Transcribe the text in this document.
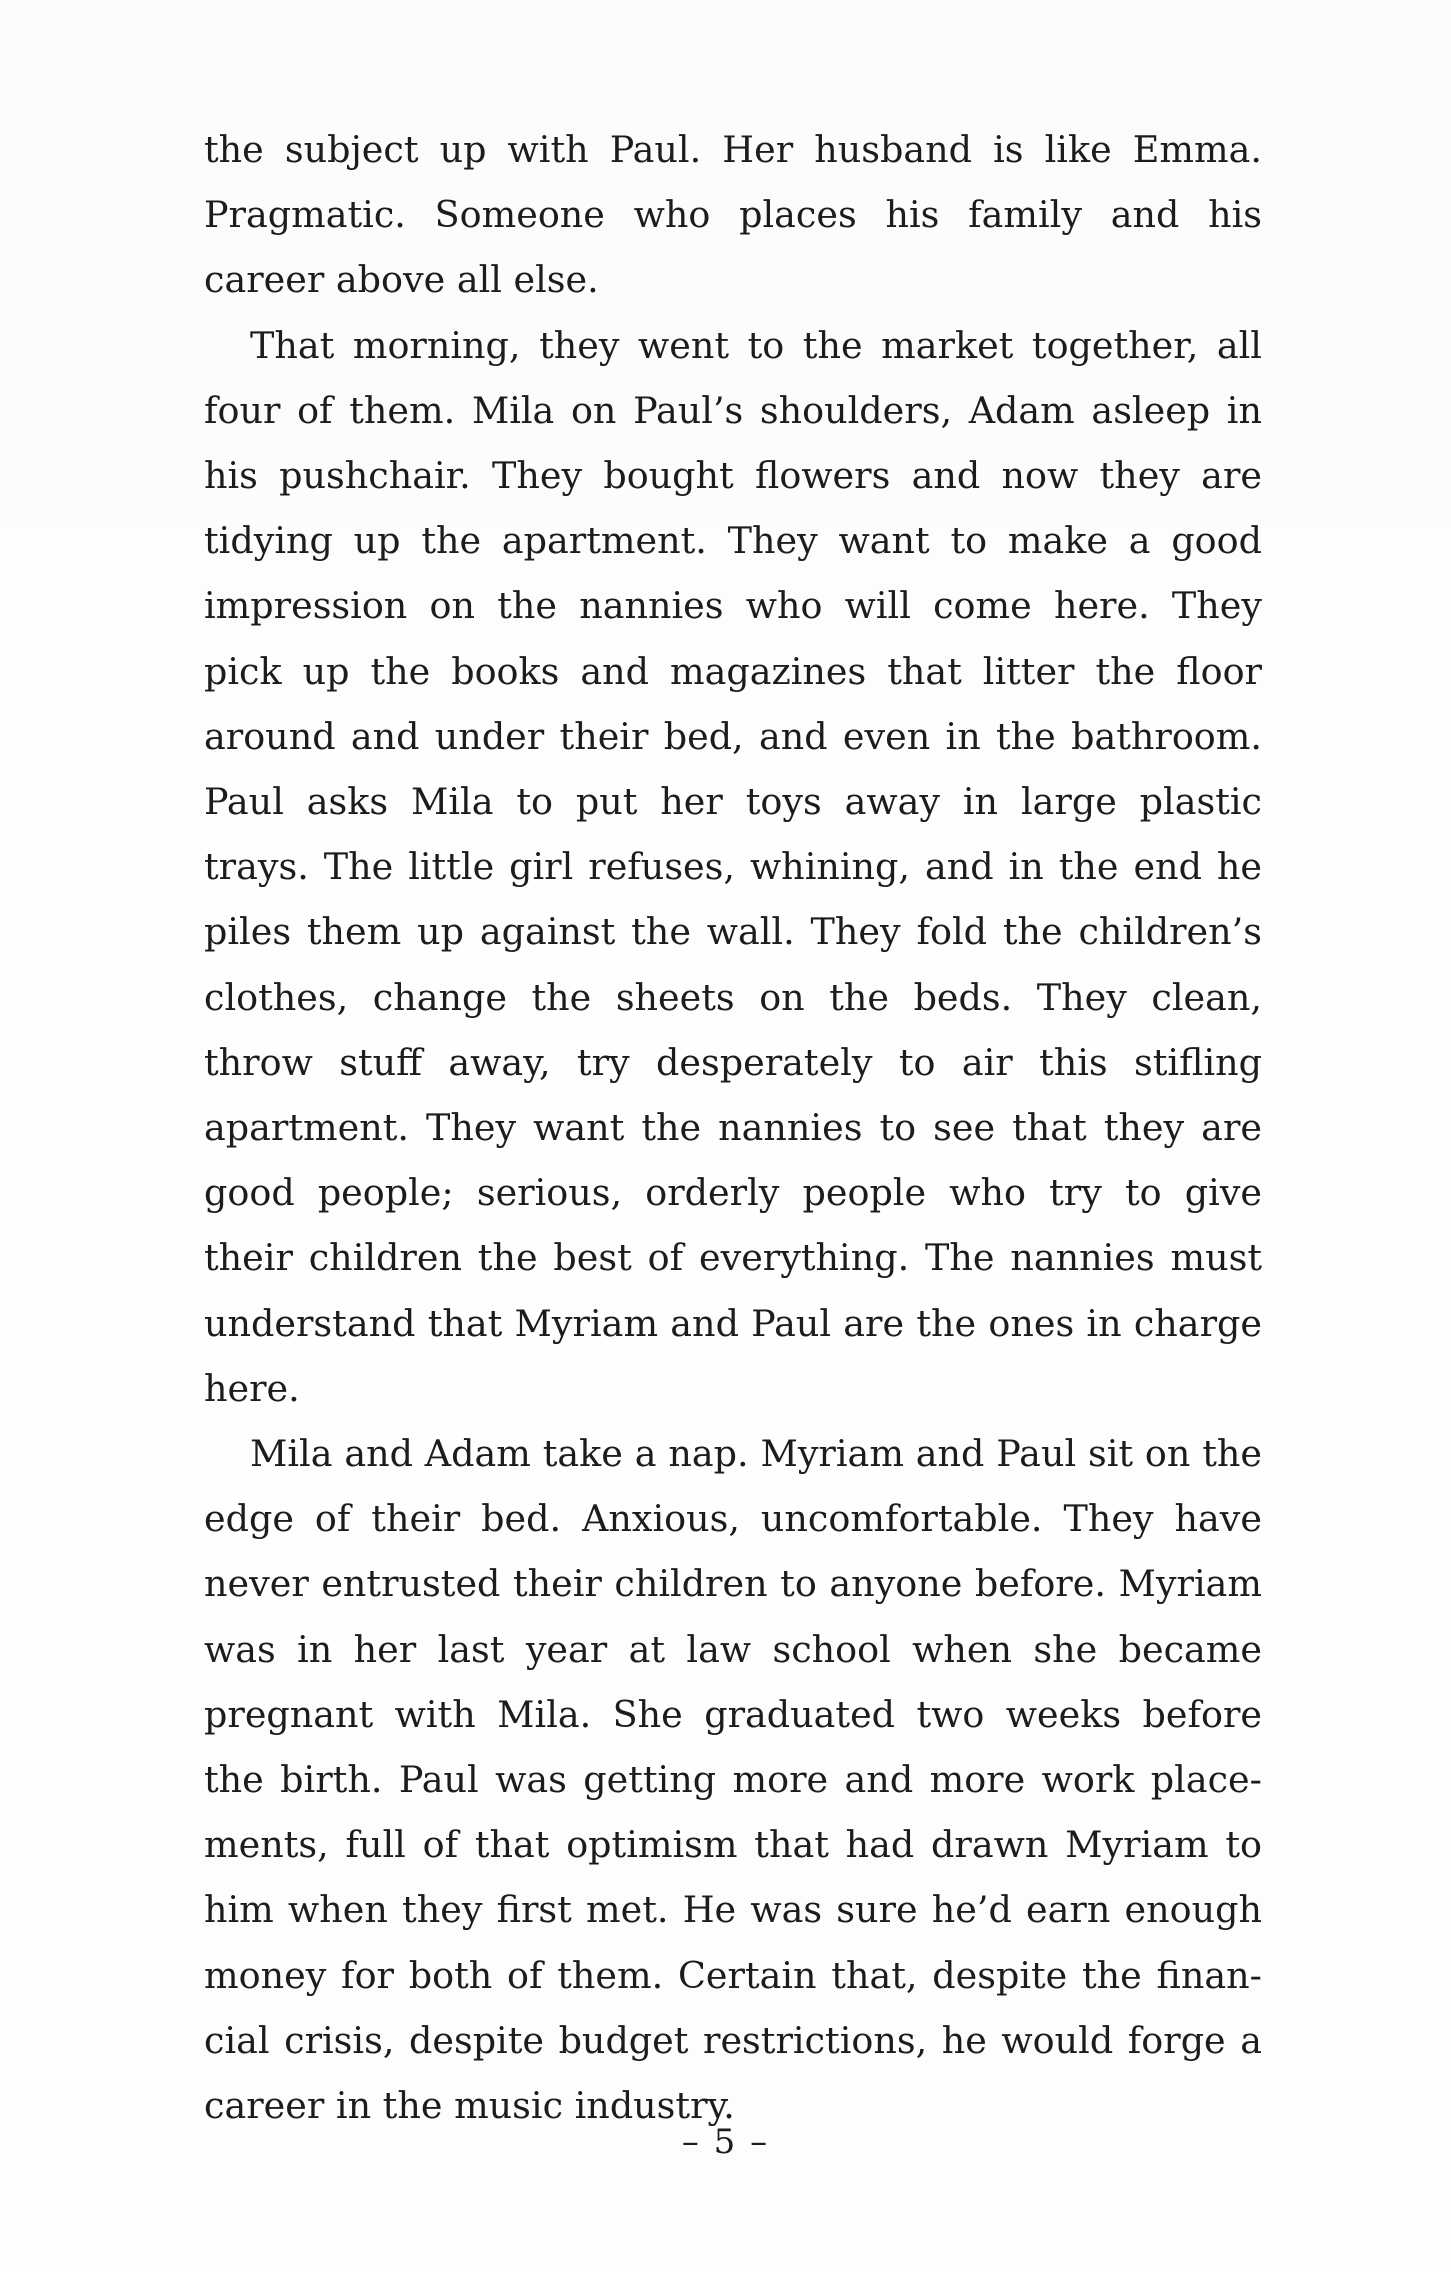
the subject up with Paul. Her husband is like Emma. Pragmatic. Someone who places his family and his career above all else.

That morning, they went to the market together, all four of them. Mila on Paul’s shoulders, Adam asleep in his pushchair. They bought flowers and now they are tidying up the apartment. They want to make a good impression on the nannies who will come here. They pick up the books and magazines that litter the floor around and under their bed, and even in the bathroom. Paul asks Mila to put her toys away in large plastic trays. The little girl refuses, whining, and in the end he piles them up against the wall. They fold the children’s clothes, change the sheets on the beds. They clean, throw stuff away, try desperately to air this stifling apartment. They want the nannies to see that they are good people; serious, orderly people who try to give their children the best of everything. The nannies must understand that Myriam and Paul are the ones in charge here.

Mila and Adam take a nap. Myriam and Paul sit on the edge of their bed. Anxious, uncomfortable. They have never entrusted their children to anyone before. Myriam was in her last year at law school when she became pregnant with Mila. She graduated two weeks before the birth. Paul was getting more and more work placements, full of that optimism that had drawn Myriam to him when they first met. He was sure he’d earn enough money for both of them. Certain that, despite the financial crisis, despite budget restrictions, he would forge a career in the music industry.

– 5 –
